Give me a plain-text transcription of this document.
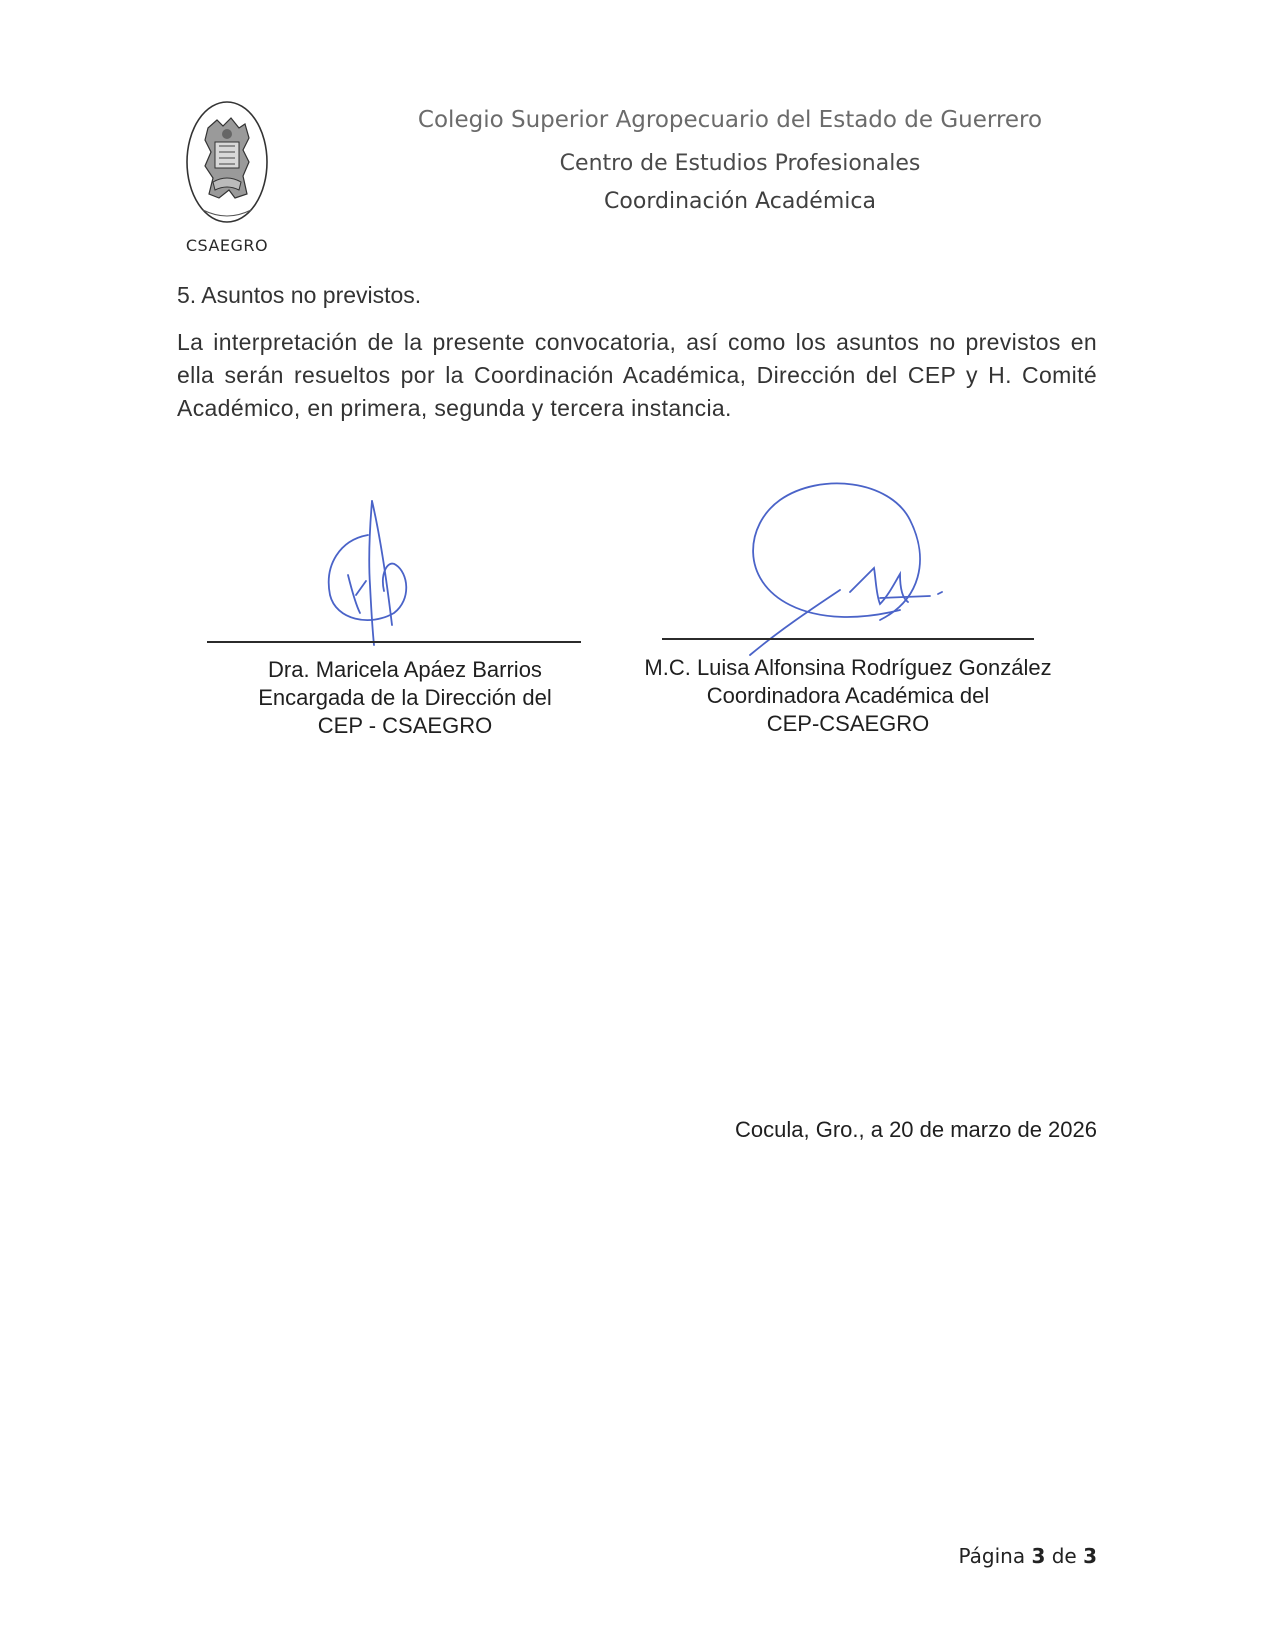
CSAEGRO
Colegio Superior Agropecuario del Estado de Guerrero
Centro de Estudios Profesionales
Coordinación Académica
5. Asuntos no previstos.
La interpretación de la presente convocatoria, así como los asuntos no previstos en ella serán resueltos por la Coordinación Académica, Dirección del CEP y H. Comité Académico, en primera, segunda y tercera instancia.
Dra. Maricela Apáez Barrios
Encargada de la Dirección del
CEP - CSAEGRO
M.C. Luisa Alfonsina Rodríguez González
Coordinadora Académica del
CEP-CSAEGRO
Cocula, Gro., a 20 de marzo de 2026
Página 3 de 3
